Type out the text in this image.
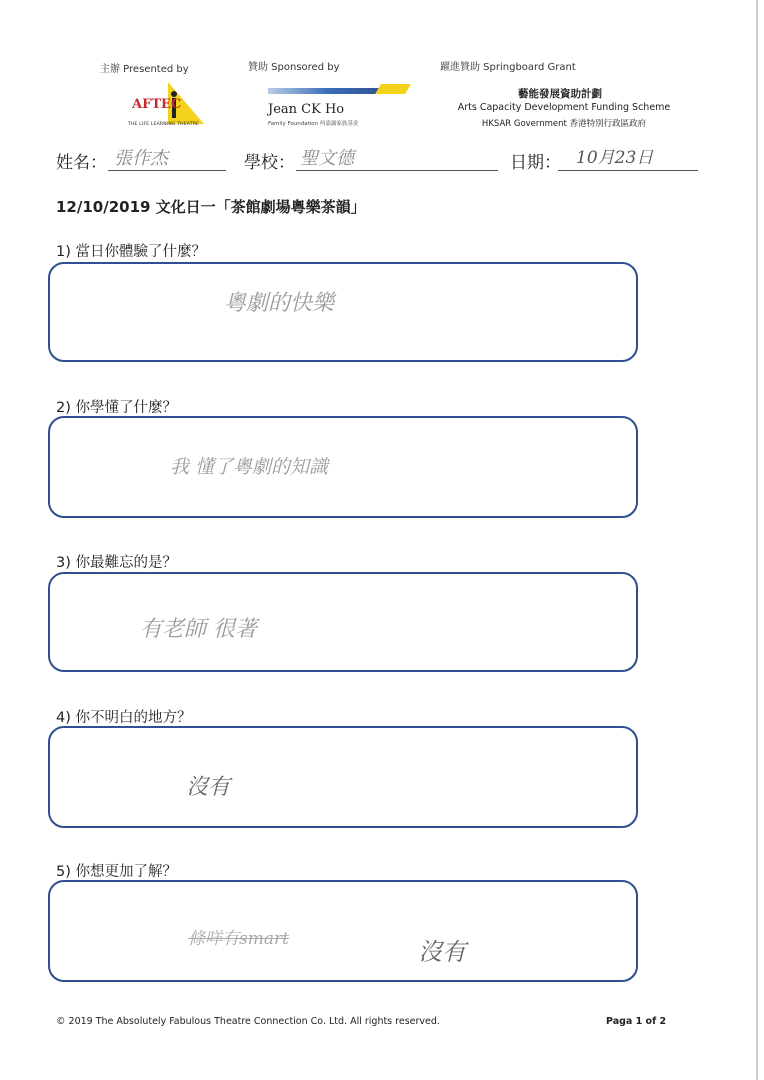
主辦 Presented by	贊助 Sponsored by	躍進贊助 Springboard Grant
AFTEC
THE LIFE LEARNING THEATRE
Jean CK Ho
Family Foundation 何嘉露家族基金
藝能發展資助計劃
Arts Capacity Development Funding Scheme
HKSAR Government 香港特別行政區政府
姓名： 張作杰	學校： 聖文德	日期： 10月23日
12/10/2019 文化日一「茶館劇場粵樂茶韻」
1) 當日你體驗了什麼？
粵劇的快樂
2) 你學懂了什麼？
我 懂了粵劇的知識
3) 你最難忘的是？
有老師 很著
4) 你不明白的地方？
沒有
5) 你想更加了解？
條咩有smart	沒有
© 2019 The Absolutely Fabulous Theatre Connection Co. Ltd. All rights reserved.	Paga 1 of 2
